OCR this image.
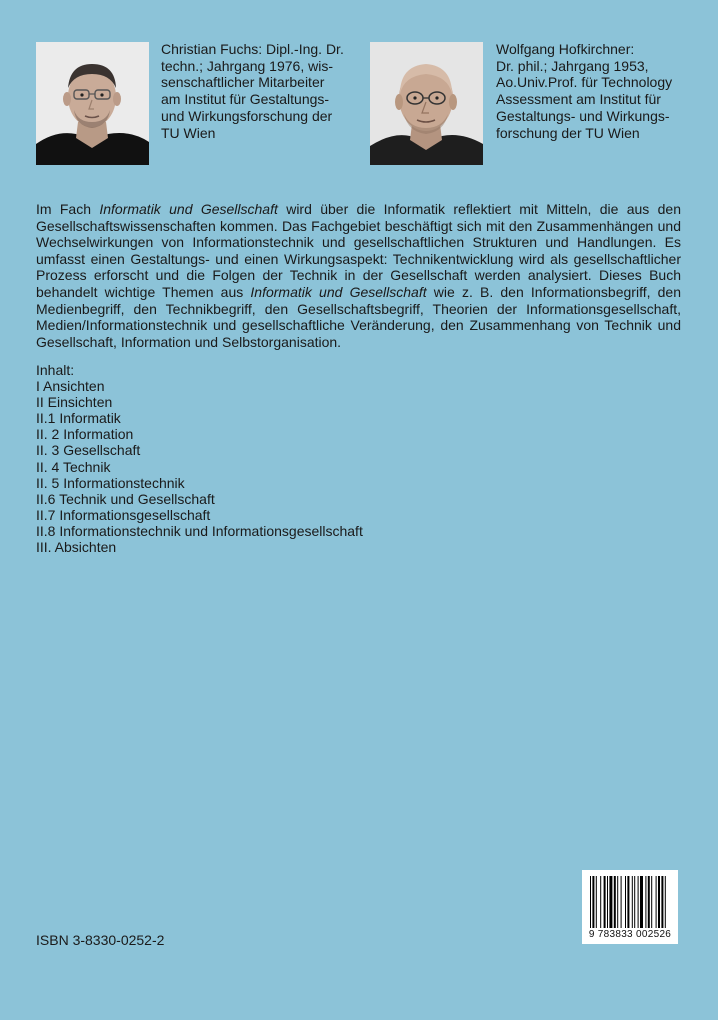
Christian Fuchs: Dipl.-Ing. Dr.
techn.; Jahrgang 1976, wis-
senschaftlicher Mitarbeiter
am Institut für Gestaltungs-
und Wirkungsforschung der
TU Wien

Wolfgang Hofkirchner:
Dr. phil.; Jahrgang 1953,
Ao.Univ.Prof. für Technology
Assessment am Institut für
Gestaltungs- und Wirkungs-
forschung der TU Wien

Im Fach Informatik und Gesellschaft wird über die Informatik reflektiert mit Mitteln, die aus den Gesellschaftswissenschaften kommen. Das Fachgebiet beschäftigt sich mit den Zusammenhängen und Wechselwirkungen von Informationstechnik und gesellschaftlichen Strukturen und Handlungen. Es umfasst einen Gestaltungs- und einen Wirkungsaspekt: Technikentwicklung wird als gesellschaftlicher Prozess erforscht und die Folgen der Technik in der Gesellschaft werden analysiert. Dieses Buch behandelt wichtige Themen aus Informatik und Gesellschaft wie z. B. den Informationsbegriff, den Medienbegriff, den Technikbegriff, den Gesellschaftsbegriff, Theorien der Informationsgesellschaft, Medien/Informationstechnik und gesellschaftliche Veränderung, den Zusammenhang von Technik und Gesellschaft, Information und Selbstorganisation.

Inhalt:
I Ansichten
II Einsichten
II.1 Informatik
II. 2 Information
II. 3 Gesellschaft
II. 4 Technik
II. 5 Informationstechnik
II.6 Technik und Gesellschaft
II.7 Informationsgesellschaft
II.8 Informationstechnik und Informationsgesellschaft
III. Absichten

ISBN 3-8330-0252-2	9 783833 002526
